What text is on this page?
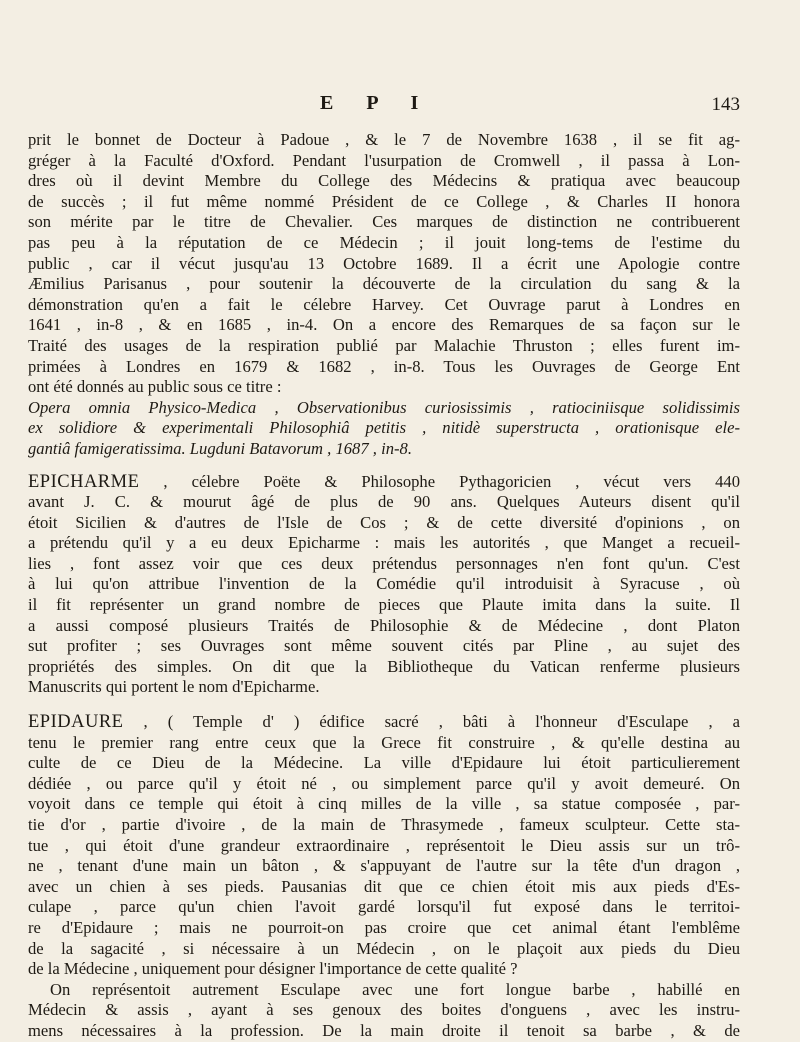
E P I	143
prit le bonnet de Docteur à Padoue , & le 7 de Novembre 1638 , il se fit ag-
gréger à la Faculté d'Oxford. Pendant l'usurpation de Cromwell , il passa à Lon-
dres où il devint Membre du College des Médecins & pratiqua avec beaucoup
de succès ; il fut même nommé Président de ce College , & Charles II honora
son mérite par le titre de Chevalier. Ces marques de distinction ne contribuerent
pas peu à la réputation de ce Médecin ; il jouit long-tems de l'estime du
public , car il vécut jusqu'au 13 Octobre 1689. Il a écrit une Apologie contre
Æmilius Parisanus , pour soutenir la découverte de la circulation du sang & la
démonstration qu'en a fait le célebre Harvey. Cet Ouvrage parut à Londres en
1641 , in-8 , & en 1685 , in-4. On a encore des Remarques de sa façon sur le
Traité des usages de la respiration publié par Malachie Thruston ; elles furent im-
primées à Londres en 1679 & 1682 , in-8. Tous les Ouvrages de George Ent
ont été donnés au public sous ce titre :
Opera omnia Physico-Medica , Observationibus curiosissimis , ratiociniisque solidissimis
ex solidiore & experimentali Philosophiâ petitis , nitidè superstructa , orationisque ele-
gantiâ famigeratissima. Lugduni Batavorum , 1687 , in-8.
EPICHARME , célebre Poëte & Philosophe Pythagoricien , vécut vers 440
avant J. C. & mourut âgé de plus de 90 ans. Quelques Auteurs disent qu'il
étoit Sicilien & d'autres de l'Isle de Cos ; & de cette diversité d'opinions , on
a prétendu qu'il y a eu deux Epicharme : mais les autorités , que Manget a recueil-
lies , font assez voir que ces deux prétendus personnages n'en font qu'un. C'est
à lui qu'on attribue l'invention de la Comédie qu'il introduisit à Syracuse , où
il fit représenter un grand nombre de pieces que Plaute imita dans la suite. Il
a aussi composé plusieurs Traités de Philosophie & de Médecine , dont Platon
sut profiter ; ses Ouvrages sont même souvent cités par Pline , au sujet des
propriétés des simples. On dit que la Bibliotheque du Vatican renferme plusieurs
Manuscrits qui portent le nom d'Epicharme.
EPIDAURE , ( Temple d' ) édifice sacré , bâti à l'honneur d'Esculape , a
tenu le premier rang entre ceux que la Grece fit construire , & qu'elle destina au
culte de ce Dieu de la Médecine. La ville d'Epidaure lui étoit particulierement
dédiée , ou parce qu'il y étoit né , ou simplement parce qu'il y avoit demeuré. On
voyoit dans ce temple qui étoit à cinq milles de la ville , sa statue composée , par-
tie d'or , partie d'ivoire , de la main de Thrasymede , fameux sculpteur. Cette sta-
tue , qui étoit d'une grandeur extraordinaire , représentoit le Dieu assis sur un trô-
ne , tenant d'une main un bâton , & s'appuyant de l'autre sur la tête d'un dragon ,
avec un chien à ses pieds. Pausanias dit que ce chien étoit mis aux pieds d'Es-
culape , parce qu'un chien l'avoit gardé lorsqu'il fut exposé dans le territoi-
re d'Epidaure ; mais ne pourroit-on pas croire que cet animal étant l'emblême
de la sagacité , si nécessaire à un Médecin , on le plaçoit aux pieds du Dieu
de la Médecine , uniquement pour désigner l'importance de cette qualité ?
On représentoit autrement Esculape avec une fort longue barbe , habillé en
Médecin & assis , ayant à ses genoux des boites d'onguens , avec les instru-
mens nécessaires à la profession. De la main droite il tenoit sa barbe , & de
